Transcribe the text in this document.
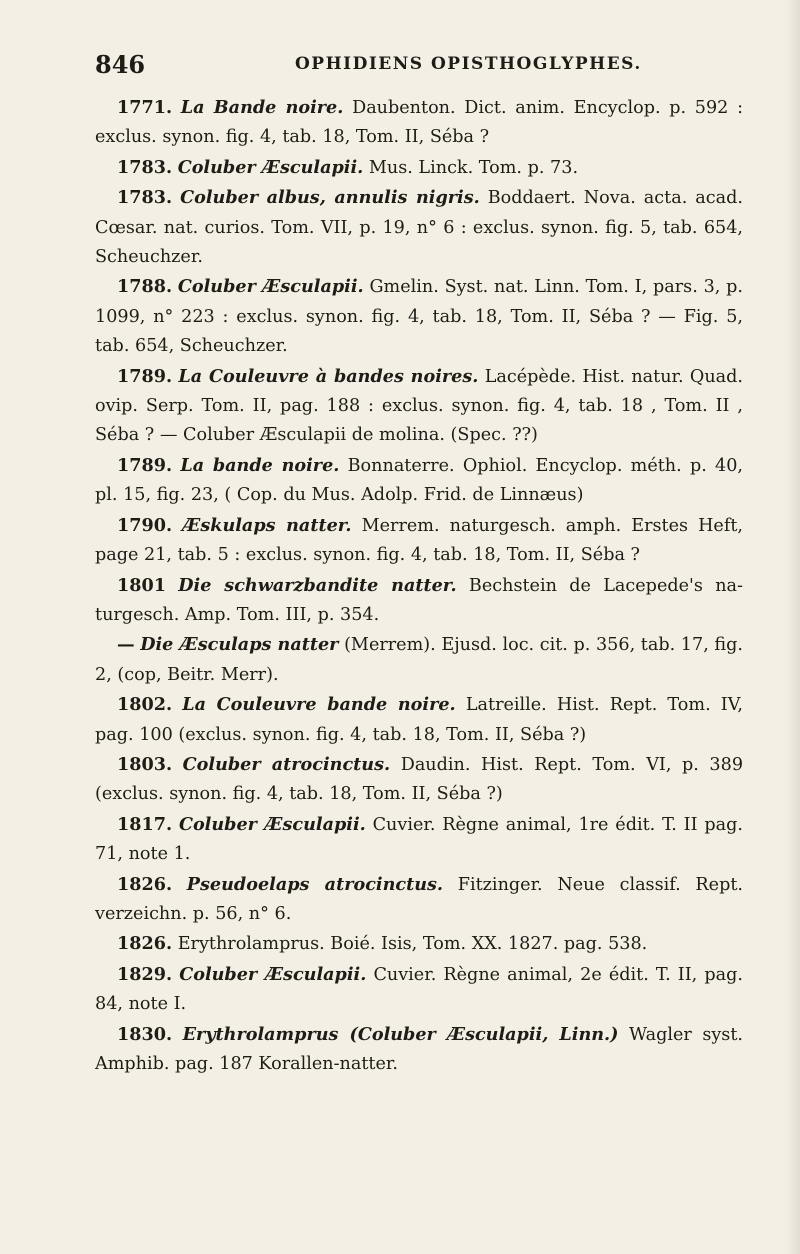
846	OPHIDIENS OPISTHOGLYPHES.

1771. La Bande noire. Daubenton. Dict. anim. Encyclop. p. 592 : exclus. synon. fig. 4, tab. 18, Tom. II, Séba ?

1783. Coluber Æsculapii. Mus. Linck. Tom. p. 73.

1783. Coluber albus, annulis nigris. Boddaert. Nova. acta. acad. Cœsar. nat. curios. Tom. VII, p. 19, n° 6 : exclus. synon. fig. 5, tab. 654, Scheuchzer.

1788. Coluber Æsculapii. Gmelin. Syst. nat. Linn. Tom. I, pars. 3, p. 1099, n° 223 : exclus. synon. fig. 4, tab. 18, Tom. II, Séba ? — Fig. 5, tab. 654, Scheuchzer.

1789. La Couleuvre à bandes noires. Lacépède. Hist. natur. Quad. ovip. Serp. Tom. II, pag. 188 : exclus. synon. fig. 4, tab. 18 , Tom. II , Séba ? — Coluber Æsculapii de molina. (Spec. ??)

1789. La bande noire. Bonnaterre. Ophiol. Encyclop. méth. p. 40, pl. 15, fig. 23, ( Cop. du Mus. Adolp. Frid. de Linnæus)

1790. Æskulaps natter. Merrem. naturgesch. amph. Erstes Heft, page 21, tab. 5 : exclus. synon. fig. 4, tab. 18, Tom. II, Séba ?

1801 Die schwarzbandite natter. Bechstein de Lacepede's na-turgesch. Amp. Tom. III, p. 354.

— Die Æsculaps natter (Merrem). Ejusd. loc. cit. p. 356, tab. 17, fig. 2, (cop, Beitr. Merr).

1802. La Couleuvre bande noire. Latreille. Hist. Rept. Tom. IV, pag. 100 (exclus. synon. fig. 4, tab. 18, Tom. II, Séba ?)

1803. Coluber atrocinctus. Daudin. Hist. Rept. Tom. VI, p. 389 (exclus. synon. fig. 4, tab. 18, Tom. II, Séba ?)

1817. Coluber Æsculapii. Cuvier. Règne animal, 1re édit. T. II pag. 71, note 1.

1826. Pseudoelaps atrocinctus. Fitzinger. Neue classif. Rept. verzeichn. p. 56, n° 6.

1826. Erythrolamprus. Boié. Isis, Tom. XX. 1827. pag. 538.

1829. Coluber Æsculapii. Cuvier. Règne animal, 2e édit. T. II, pag. 84, note I.

1830. Erythrolamprus (Coluber Æsculapii, Linn.) Wagler syst. Amphib. pag. 187 Korallen-natter.
